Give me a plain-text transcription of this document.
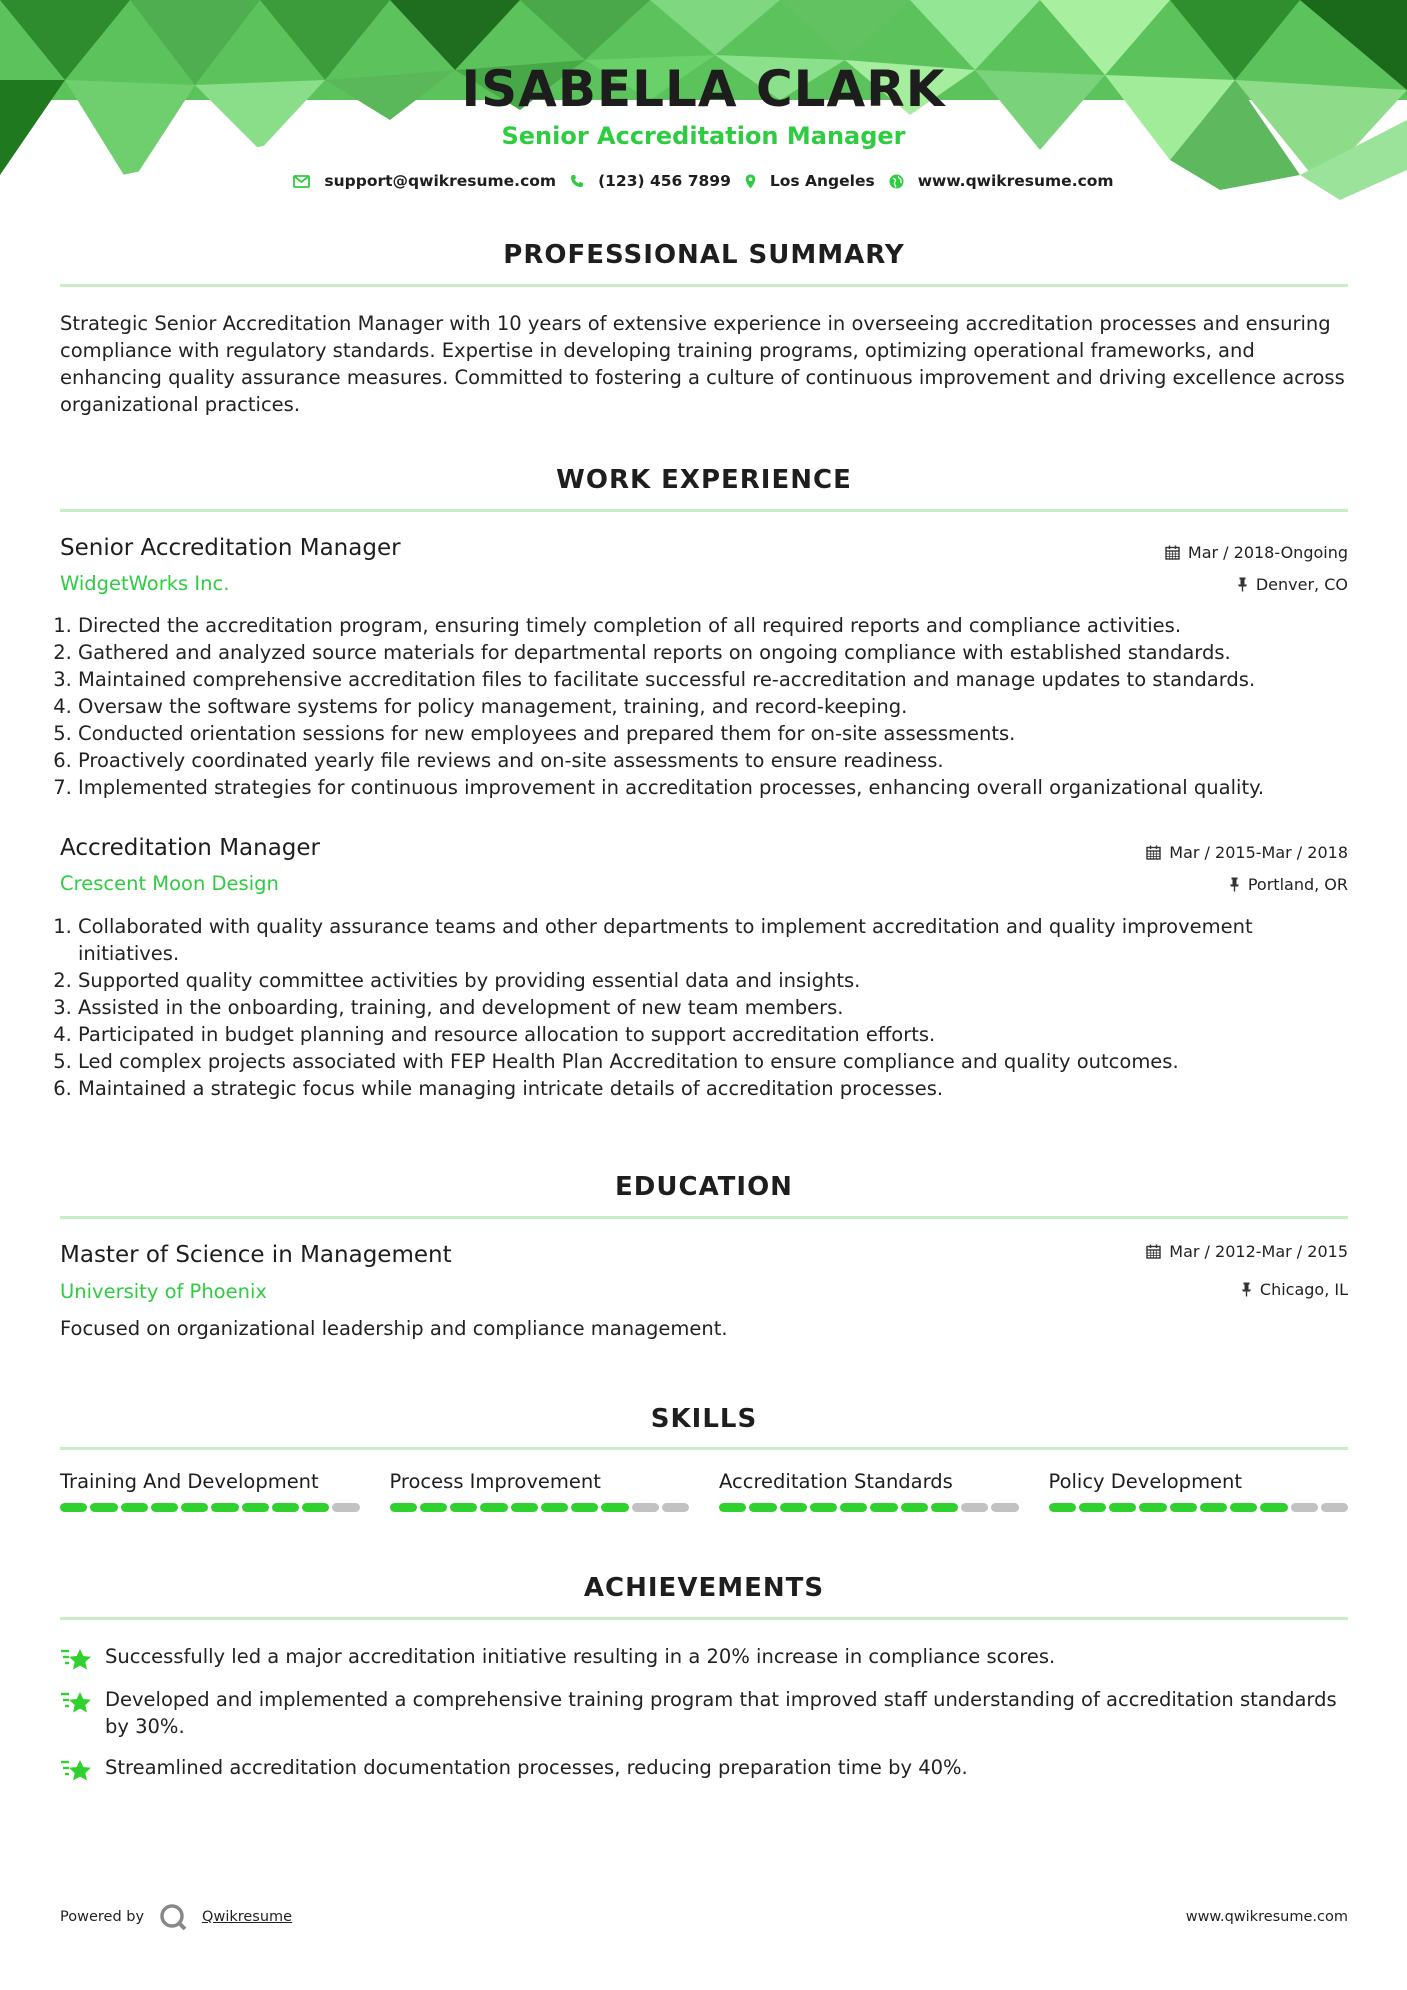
ISABELLA CLARK
Senior Accreditation Manager
support@qwikresume.com	(123) 456 7899	Los Angeles	www.qwikresume.com
PROFESSIONAL SUMMARY
Strategic Senior Accreditation Manager with 10 years of extensive experience in overseeing accreditation processes and ensuring compliance with regulatory standards. Expertise in developing training programs, optimizing operational frameworks, and enhancing quality assurance measures. Committed to fostering a culture of continuous improvement and driving excellence across organizational practices.
WORK EXPERIENCE
Senior Accreditation Manager
WidgetWorks Inc.
Mar / 2018-Ongoing
Denver, CO
1. Directed the accreditation program, ensuring timely completion of all required reports and compliance activities.
2. Gathered and analyzed source materials for departmental reports on ongoing compliance with established standards.
3. Maintained comprehensive accreditation files to facilitate successful re-accreditation and manage updates to standards.
4. Oversaw the software systems for policy management, training, and record-keeping.
5. Conducted orientation sessions for new employees and prepared them for on-site assessments.
6. Proactively coordinated yearly file reviews and on-site assessments to ensure readiness.
7. Implemented strategies for continuous improvement in accreditation processes, enhancing overall organizational quality.
Accreditation Manager
Crescent Moon Design
Mar / 2015-Mar / 2018
Portland, OR
1. Collaborated with quality assurance teams and other departments to implement accreditation and quality improvement initiatives.
2. Supported quality committee activities by providing essential data and insights.
3. Assisted in the onboarding, training, and development of new team members.
4. Participated in budget planning and resource allocation to support accreditation efforts.
5. Led complex projects associated with FEP Health Plan Accreditation to ensure compliance and quality outcomes.
6. Maintained a strategic focus while managing intricate details of accreditation processes.
EDUCATION
Master of Science in Management
University of Phoenix
Mar / 2012-Mar / 2015
Chicago, IL
Focused on organizational leadership and compliance management.
SKILLS
Training And Development	Process Improvement	Accreditation Standards	Policy Development
ACHIEVEMENTS
Successfully led a major accreditation initiative resulting in a 20% increase in compliance scores.
Developed and implemented a comprehensive training program that improved staff understanding of accreditation standards by 30%.
Streamlined accreditation documentation processes, reducing preparation time by 40%.
Powered by	Qwikresume	www.qwikresume.com
